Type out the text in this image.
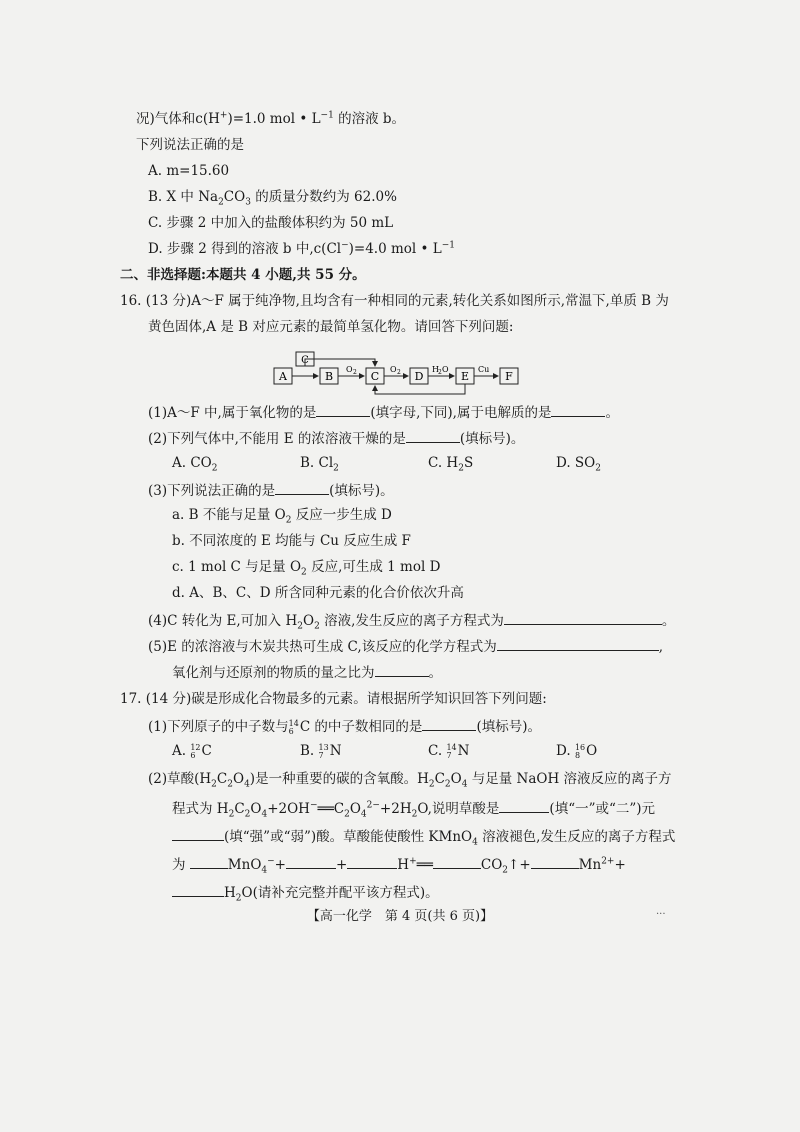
况)气体和c(H+)=1.0 mol • $L^{-1}$ 的溶液 b。
下列说法正确的是
A. m=15.60
B. X 中 $Na_2CO_3$ 的质量分数约为 62.0%
C. 步骤 2 中加入的盐酸体积约为 50 mL
D. 步骤 2 得到的溶液 b 中,c(Cl−)=4.0 mol • $L^{-1}$
二、非选择题:本题共 4 小题,共 55 分。
16. (13 分)A～F 属于纯净物,且均含有一种相同的元素,转化关系如图所示,常温下,单质 B 为
黄色固体,A 是 B 对应元素的最简单氢化物。请回答下列问题:
A
C
B	C	D	E	F
O 2	O 2	H 2 O	Cu
(1)A～F 中,属于氧化物的是	(填字母,下同),属于电解质的是	。
(2)下列气体中,不能用 E 的浓溶液干燥的是	(填标号)。
A. $CO_2$	B. $Cl_2$	C. $H_2S$	D. $SO_2$
(3)下列说法正确的是	(填标号)。
a. B 不能与足量 $O_2$ 反应一步生成 D
b. 不同浓度的 E 均能与 Cu 反应生成 F
c. 1 mol C 与足量 $O_2$ 反应,可生成 1 mol D
d. A、B、C、D 所含同种元素的化合价依次升高
(4)C 转化为 E,可加入 $H_2O_2$ 溶液,发生反应的离子方程式为	。
(5)E 的浓溶液与木炭共热可生成 C,该反应的化学方程式为	,
氧化剂与还原剂的物质的量之比为	。
17. (14 分)碳是形成化合物最多的元素。请根据所学知识回答下列问题:
(1)下列原子的中子数与 14
6 C 的中子数相同的是	(填标号)。
A. 12
6 C	B. 13
7 N	C. 14
7 N	D. 16
8 O
(2)草酸$(H_2C_2O_4)$是一种重要的碳的含氧酸。$H_2C_2O_4$ 与足量 NaOH 溶液反应的离子方
程式为 $H_2C_2O_4+2OH^-══C_2O_4^{2-}+2H_2O$,说明草酸是	(填“一”或“二”)元
(填“强”或“弱”)酸。草酸能使酸性 KMnO$_4$ 溶液褪色,发生反应的离子方程式
为	MnO$_4$−+	+	H+══	$CO_2↑+$	$Mn^{2+}+$
$H_2O$(请补充完整并配平该方程式)。
【高一化学　第 4 页(共 6 页)】	...
